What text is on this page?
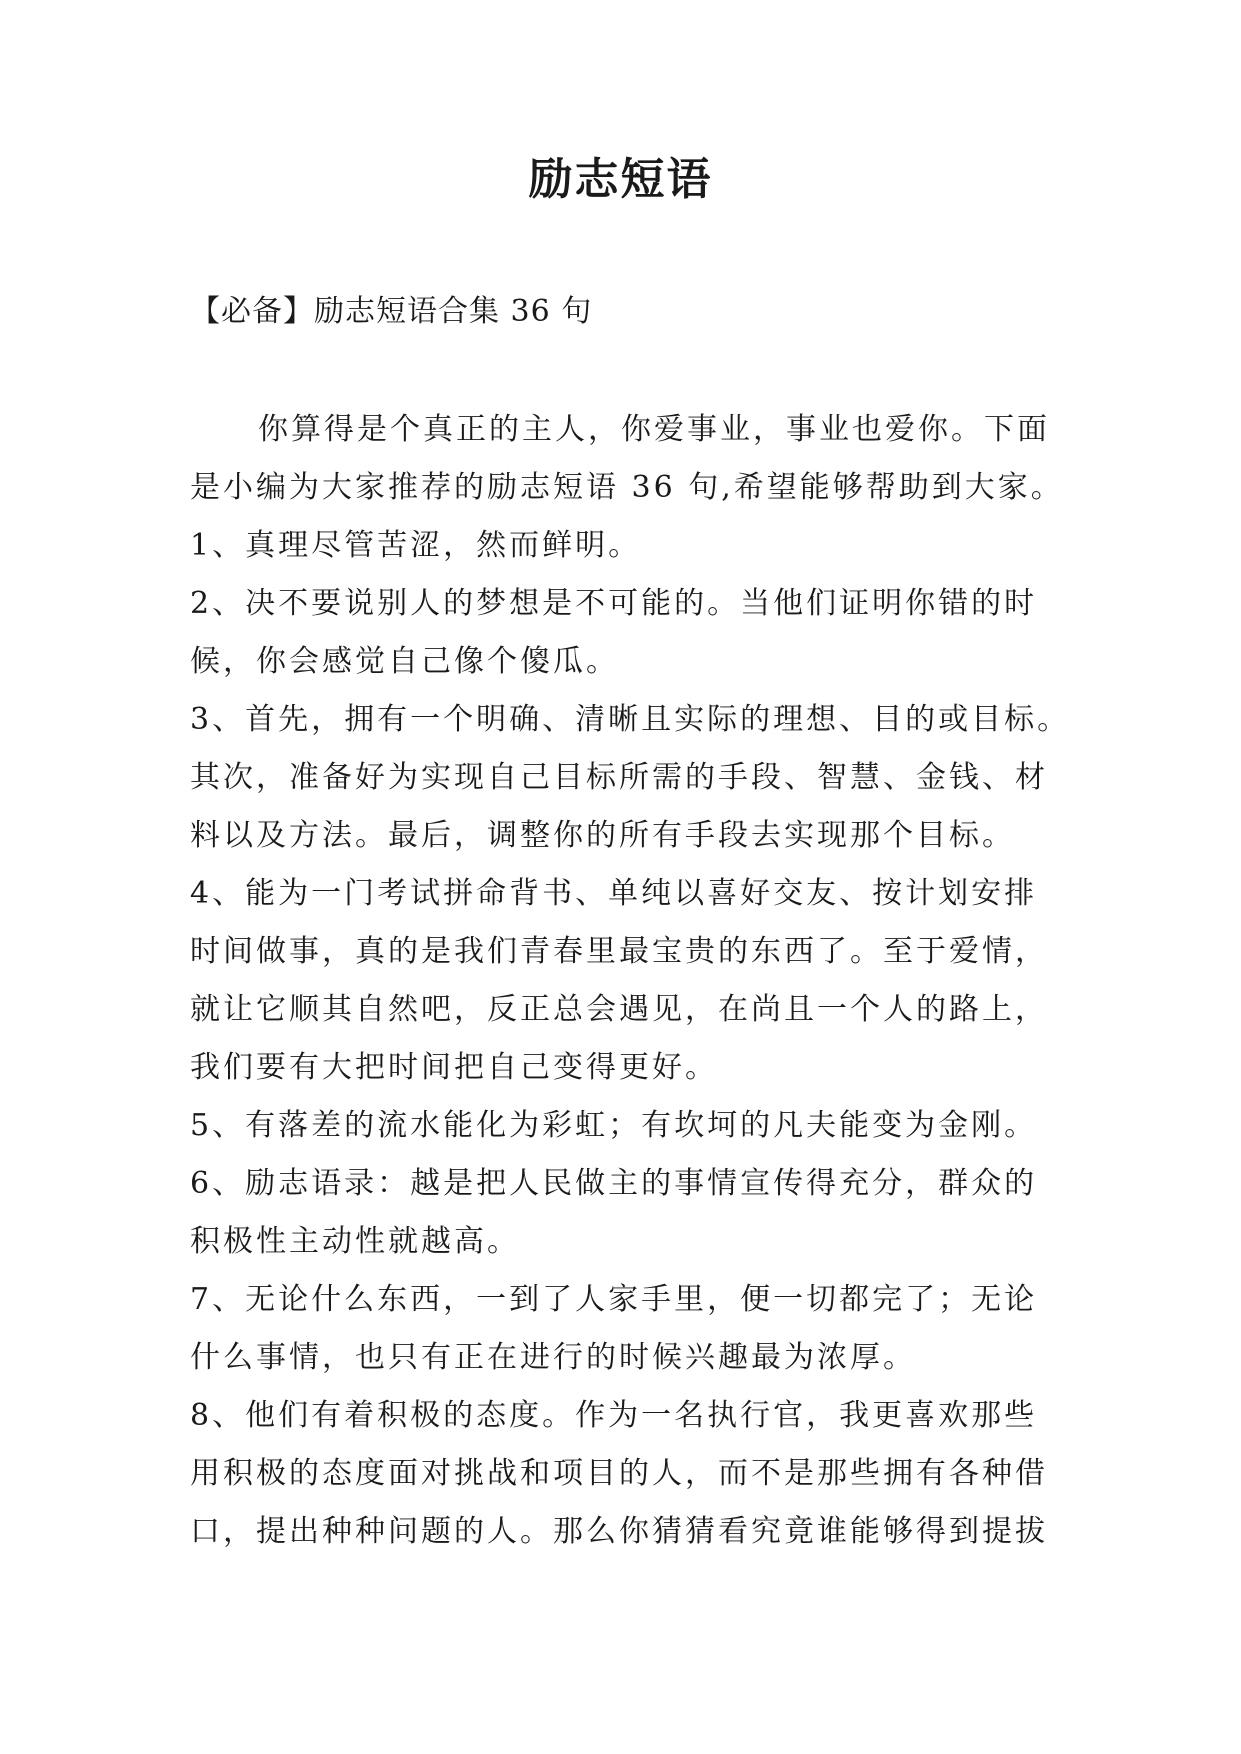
励志短语
【必备】励志短语合集 36 句
你算得是个真正的主人，你爱事业，事业也爱你。下面
是小编为大家推荐的励志短语 36 句,希望能够帮助到大家。
1、真理尽管苦涩，然而鲜明。
2、决不要说别人的梦想是不可能的。当他们证明你错的时
候，你会感觉自己像个傻瓜。
3、首先，拥有一个明确、清晰且实际的理想、目的或目标。
其次，准备好为实现自己目标所需的手段、智慧、金钱、材
料以及方法。最后，调整你的所有手段去实现那个目标。
4、能为一门考试拼命背书、单纯以喜好交友、按计划安排
时间做事，真的是我们青春里最宝贵的东西了。至于爱情，
就让它顺其自然吧，反正总会遇见，在尚且一个人的路上，
我们要有大把时间把自己变得更好。
5、有落差的流水能化为彩虹；有坎坷的凡夫能变为金刚。
6、励志语录：越是把人民做主的事情宣传得充分，群众的
积极性主动性就越高。
7、无论什么东西，一到了人家手里，便一切都完了；无论
什么事情，也只有正在进行的时候兴趣最为浓厚。
8、他们有着积极的态度。作为一名执行官，我更喜欢那些
用积极的态度面对挑战和项目的人，而不是那些拥有各种借
口，提出种种问题的人。那么你猜猜看究竟谁能够得到提拔
